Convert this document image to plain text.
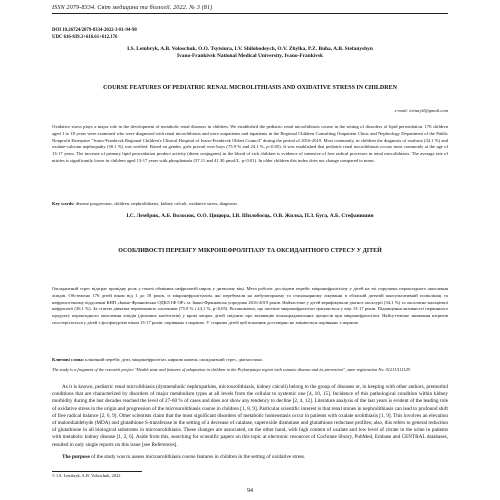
ISSN 2079-8334. Світ медицини та біології. 2022. № 3 (81)
DOI 10.26724/2079-8334-2022-3-81-94-98
UDC 616-839.3+616.61+612.176
I.S. Lembryk, A.B. Voloschuk, O.O. Tsytsiura, I.V. Shilobodeych, O.V. Zhylka, P.Z. Buha, A.B. Stefanyshyn
Ivano-Frankivsk National Medical University, Ivano-Frankivsk
COURSE FEATURES OF PEDIATRIC RENAL MICROLITHIASIS AND OXIDATIVE STRESS IN CHILDREN
e-mail: irinaryll@gmail.com
Oxidative stress plays a major role in the development of metabolic renal diseases in children. We established the pediatric renal microlithiasis course in the setting of disorders of lipid peroxidation. 176 children aged 1 to 18 years were examined who were diagnosed with renal microlithiasis and were outpatients and inpatients in the Regional Children Consulting Outpatient Clinic and Nephrology Department of the Public Nonprofit Enterprise "Ivano-Frankivsk Regional Children's Clinical Hospital of Ivano-Frankivsk Oblast Council" during the period of 2016-2019. Most commonly, in children the diagnosis of oxaluria (34.1 %) and oxalate-calcium nephropathy (30.1 %) was verified. Based on gender, girls prevail over boys (75.9 % and 24.1 %, p<0.05). It was established that pediatric renal microlithiasis occurs most commonly at the age of 13-17 years. The increase of primary lipid peroxidation product activity (diene conjugates) in the blood of sick children is evidence of intensive of free radical processes in renal microlithiasis. The average rate of nitrites is significantly lower in children aged 13-17 years with phosphaturia (37.11 and 41.30 μmol/L, p<0.01). In older children this index does not change compared to norm.
Key words: disease progression, children, nephrolithiasis, kidney calculi, oxidative stress, diagnosis.
І.С. Лембрик, А.Б. Волосюк, О.О. Цицюра, І.В. Шилобоєць, О.В. Жилка, П.З. Буга, А.Б. Стефанишин
ОСОБЛИВОСТІ ПЕРЕБІГУ МІКРОНЕФРОЛІТІАЗУ ТА ОКСИДАНТНОГО СТРЕСУ У ДІТЕЙ
Оксидантний стрес відіграє провідну роль у генезі обмінних нефропатій нирок у дитячому віці. Мета роботи: дослідити перебіг мікронефролітіазу у дітей на тлі порушень пероксидного окислення ліпідів. Обстежено 176 дітей віком від 1 до 18 років, із мікронефролітіазом, які перебували на амбулаторному та стаціонарному лікуванні в обласній дитячій консультативній поліклініці та нефрологічному відділенні КНП «Івано-Франківська ОДКЛ ІФ ОР» м. Івано-Франківськ упродовж 2016-2019 років. Найчастіше у дітей верифікували діагноз оксалурії (34,1 %) та оксалатно-кальцієвої нефропатії (30,1 %). За статтю дівчатка переважають хлопчиків (75,9 % і 24,1 %, p<0,05). Встановлено, що частіше мікронефролітіаз трапляється у віці 13-17 років. Підвищення активності первинного продукту пероксидного окислення ліпідів (дієнових кон'югатів) у крові хворих дітей свідчить про активацію вільнорадикальних процесів при мікронефролітіазі. Найсуттєвіше зниження нітритів спостерігається у дітей з фосфатурією віком 13-17 років, порівняно з нормою. У старших дітей цей показник достовірно не змінюється порівняно з нормою.
Ключові слова: клінічний перебіг, діти, мікронефролітіаз, ниркові камені, оксидантний стрес, діагностика.
The study is a fragment of the research project "Health state and features of adaptation in children in the Prykarpattya region with somatic disease and its prevention", state registration No. 0121U111129.

As it is known, pediatric renal microlithiasis (dysmetabolic nephropathies, microurolithiasis, kidney calculi) belong to the group of diseases or, in keeping with other authors, premorbid conditions that are characterized by disorders of major metabolism types at all levels from the cellular to systemic one [4, 10, 15]. Incidence of this pathological condition within kidney morbidity during the last decades reached the level of 27-60 % of cases and does not show any tendency to decline [2, 4, 12]. Literature analysis of the last years is evident of the leading role of oxidative stress in the origin and progression of the microurolithiasis course in children [1, 8, 9]. Particular scientific interest is that renal stones in nephrolithiasis can lead to profound shift of free radical balance [2, 6, 9]. Other scientists claim that the most significant disorders of metabolic homeostasis occur in patients with oxalate urolithiasis [1, 9]. This involves an elevation of malondialdehyde (MDA) and glutathione S-transferase in the setting of a decrease of catalase, superoxide dismutase and glutathione reductase profiles; also, this refers to general reduction of glutathione in all biological substrates in microurolithiasis. These changes are associated, on the other hand, with high content of oxalate and low level of citrate in the urine in patients with metabolic kidney disease [1, 2, 6]. Aside from this, searching for scientific papers on this topic at electronic resources of Cochrane library, PubMed, Embase and CENTRAL databases, resulted in only single reports on this issue [see References].

The purpose of the study was to assess microurolithiasis course features in children in the setting of oxidative stress.
© I.S. Lembryk, A.B. Voloschuk, 2022
94
